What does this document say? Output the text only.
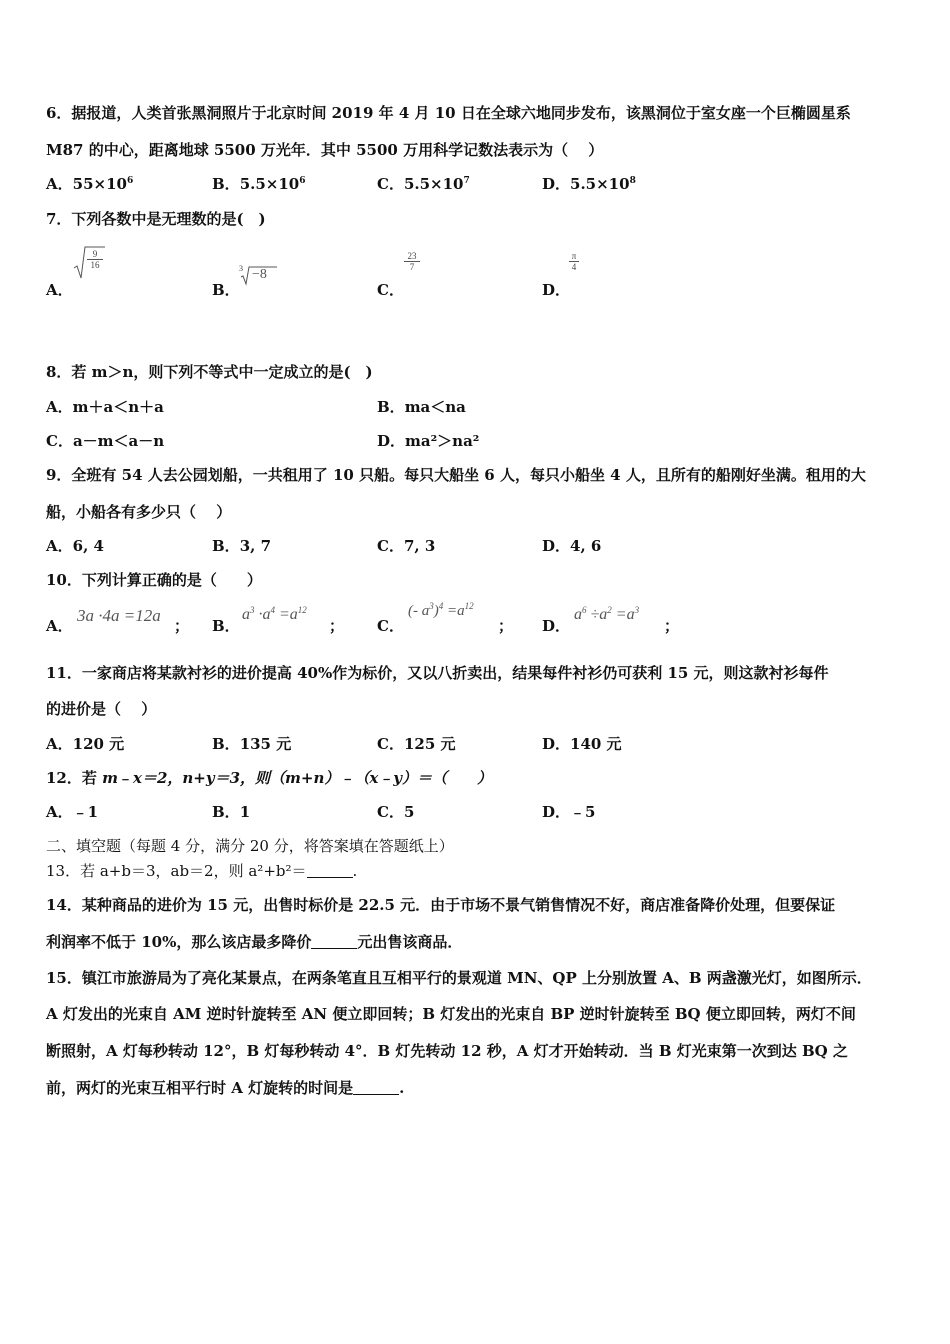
6．据报道，人类首张黑洞照片于北京时间 2019 年 4 月 10 日在全球六地同步发布，该黑洞位于室女座一个巨椭圆星系
M87 的中心，距离地球 5500 万光年．其中 5500 万用科学记数法表示为（　 ）
A．$55\times 10^6$	B．$5.5\times 10^6$	C．$5.5\times 10^7$	D．$5.5\times 10^8$
7．下列各数中是无理数的是(　)
A．
9
16
B．
3 −8
C．
23
7
D．
π
4
8．若 m＞n，则下列不等式中一定成立的是(　)
A．m＋a＜n＋a	B．ma＜na
C．a－m＜a－n	D．ma²＞na²
9．全班有 54 人去公园划船，一共租用了 10 只船。每只大船坐 6 人，每只小船坐 4 人，且所有的船刚好坐满。租用的大
船，小船各有多少只（　 ）
A．6, 4	B．3, 7	C．7, 3	D．4, 6
10．下列计算正确的是（　　）
A．
3a ·4a =12a
； B．
$a^3 \cdot a^4 =a^{12}$
； C．
(- $a^3)^4 =a^{12}$
； D．
$a^6 \div a^2 =a^3$
；
11．一家商店将某款衬衫的进价提高 40%作为标价，又以八折卖出，结果每件衬衫仍可获利 15 元，则这款衬衫每件
的进价是（　 ）
A．120 元	B．135 元	C．125 元	D．140 元
12．若 m﹣x＝2，n+y＝3，则（m+n）﹣（x﹣y）＝（　　）
A．﹣1	B．1	C．5	D．﹣5
二、填空题（每题 4 分，满分 20 分，将答案填在答题纸上）
13．若 a+b＝3，ab＝2，则 a²+b²＝	.
14．某种商品的进价为 15 元，出售时标价是 22.5 元．由于市场不景气销售情况不好，商店准备降价处理，但要保证
利润率不低于 10%，那么该店最多降价	元出售该商品．
15．镇江市旅游局为了亮化某景点，在两条笔直且互相平行的景观道 MN、QP 上分别放置 A、B 两盏激光灯，如图所示．
A 灯发出的光束自 AM 逆时针旋转至 AN 便立即回转；B 灯发出的光束自 BP 逆时针旋转至 BQ 便立即回转，两灯不间
断照射，A 灯每秒转动 12°，B 灯每秒转动 4°．B 灯先转动 12 秒，A 灯才开始转动．当 B 灯光束第一次到达 BQ 之
前，两灯的光束互相平行时 A 灯旋转的时间是	.
